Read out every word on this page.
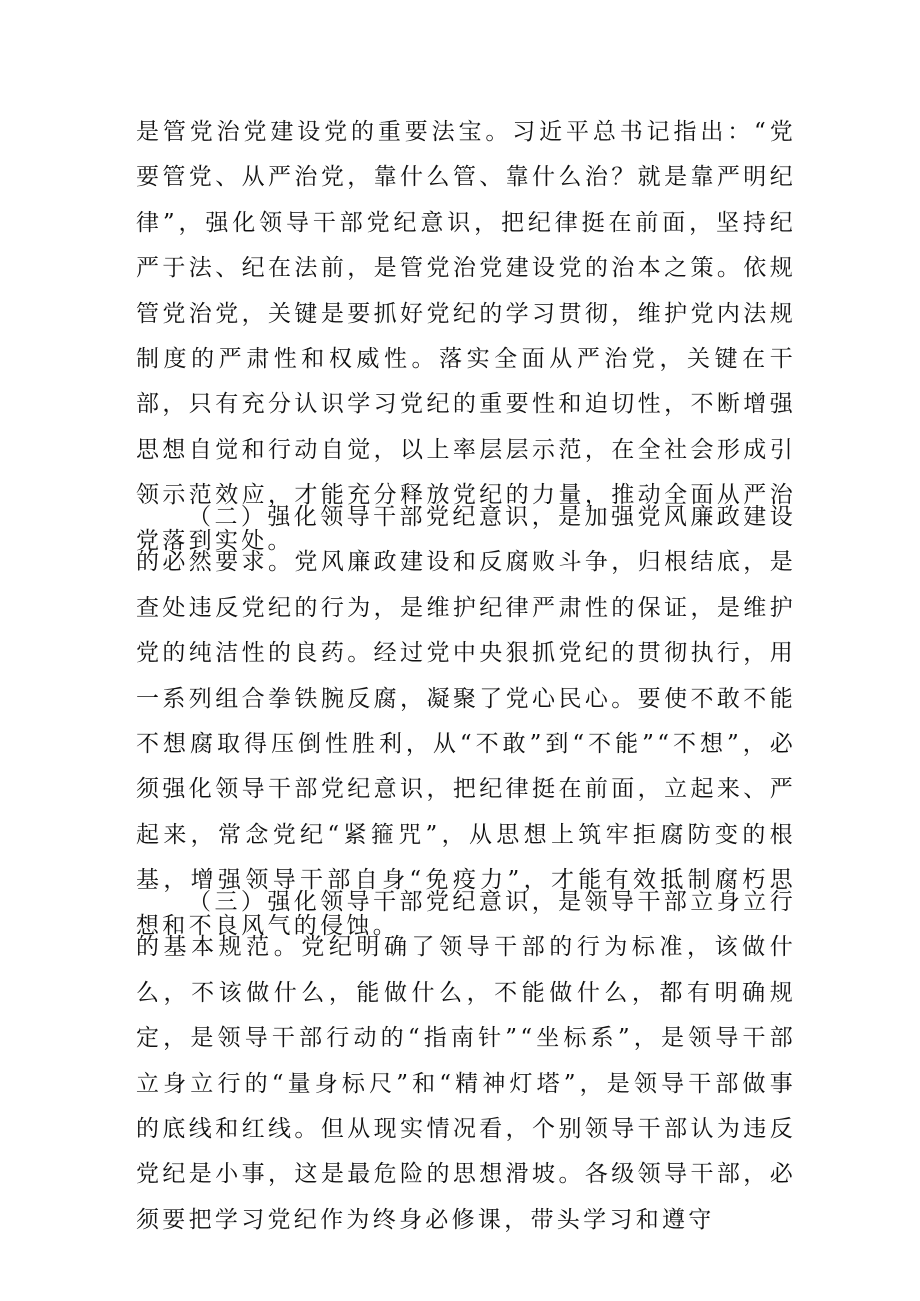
是管党治党建设党的重要法宝。习近平总书记指出：“党要管党、从严治党，靠什么管、靠什么治？就是靠严明纪律”，强化领导干部党纪意识，把纪律挺在前面，坚持纪严于法、纪在法前，是管党治党建设党的治本之策。依规管党治党，关键是要抓好党纪的学习贯彻，维护党内法规制度的严肃性和权威性。落实全面从严治党，关键在干部，只有充分认识学习党纪的重要性和迫切性，不断增强思想自觉和行动自觉，以上率层层示范，在全社会形成引领示范效应，才能充分释放党纪的力量，推动全面从严治党落到实处。

（二）强化领导干部党纪意识，是加强党风廉政建设的必然要求。党风廉政建设和反腐败斗争，归根结底，是查处违反党纪的行为，是维护纪律严肃性的保证，是维护党的纯洁性的良药。经过党中央狠抓党纪的贯彻执行，用一系列组合拳铁腕反腐，凝聚了党心民心。要使不敢不能不想腐取得压倒性胜利，从“不敢”到“不能”“不想”，必须强化领导干部党纪意识，把纪律挺在前面，立起来、严起来，常念党纪“紧箍咒”，从思想上筑牢拒腐防变的根基，增强领导干部自身“免疫力”，才能有效抵制腐朽思想和不良风气的侵蚀。

（三）强化领导干部党纪意识，是领导干部立身立行的基本规范。党纪明确了领导干部的行为标准，该做什么，不该做什么，能做什么，不能做什么，都有明确规定，是领导干部行动的“指南针”“坐标系”，是领导干部立身立行的“量身标尺”和“精神灯塔”，是领导干部做事的底线和红线。但从现实情况看，个别领导干部认为违反党纪是小事，这是最危险的思想滑坡。各级领导干部，必须要把学习党纪作为终身必修课，带头学习和遵守
